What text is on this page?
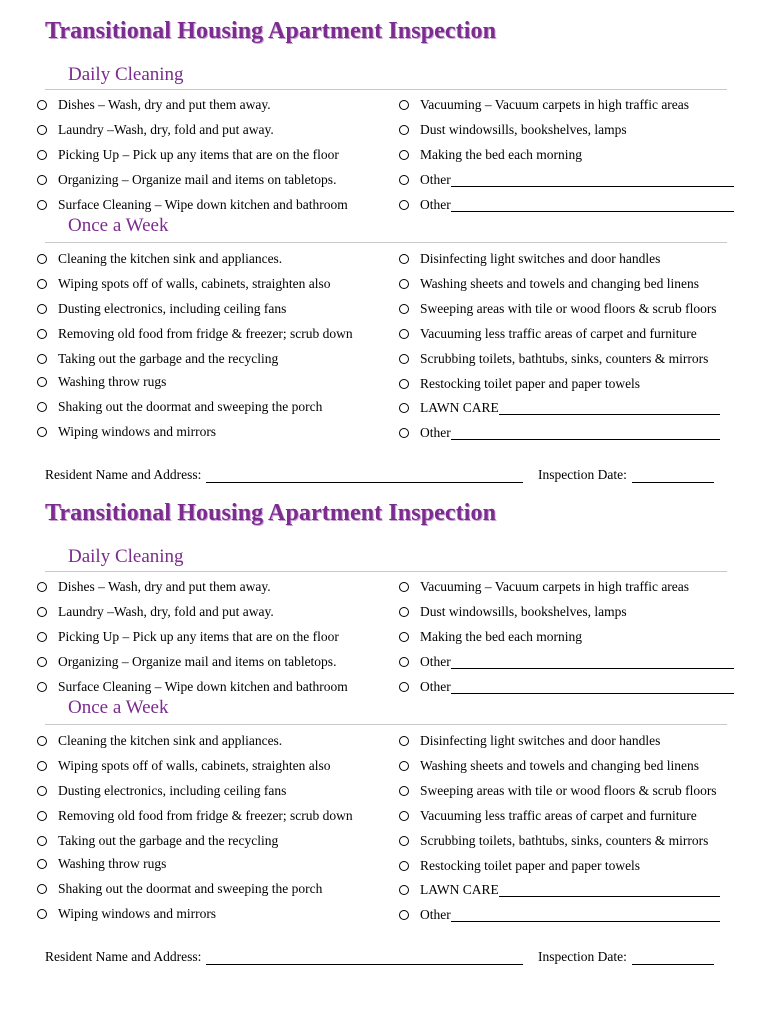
Transitional Housing Apartment Inspection
Daily Cleaning
Dishes – Wash, dry and put them away.
Laundry –Wash, dry, fold and put away.
Picking Up – Pick up any items that are on the floor
Organizing – Organize mail and items on tabletops.
Surface Cleaning – Wipe down kitchen and bathroom
Vacuuming – Vacuum carpets in high traffic areas
Dust windowsills, bookshelves, lamps
Making the bed each morning
Other
Other
Once a Week
Cleaning the kitchen sink and appliances.
Wiping spots off of walls, cabinets, straighten also
Dusting electronics, including ceiling fans
Removing old food from fridge & freezer; scrub down
Taking out the garbage and the recycling
Washing throw rugs
Shaking out the doormat and sweeping the porch
Wiping windows and mirrors
Disinfecting light switches and door handles
Washing sheets and towels and changing bed linens
Sweeping areas with tile or wood floors & scrub floors
Vacuuming less traffic areas of carpet and furniture
Scrubbing toilets, bathtubs, sinks, counters & mirrors
Restocking toilet paper and paper towels
LAWN CARE
Other
Resident Name and Address:	Inspection Date:
Transitional Housing Apartment Inspection
Daily Cleaning
Dishes – Wash, dry and put them away.
Laundry –Wash, dry, fold and put away.
Picking Up – Pick up any items that are on the floor
Organizing – Organize mail and items on tabletops.
Surface Cleaning – Wipe down kitchen and bathroom
Vacuuming – Vacuum carpets in high traffic areas
Dust windowsills, bookshelves, lamps
Making the bed each morning
Other
Other
Once a Week
Cleaning the kitchen sink and appliances.
Wiping spots off of walls, cabinets, straighten also
Dusting electronics, including ceiling fans
Removing old food from fridge & freezer; scrub down
Taking out the garbage and the recycling
Washing throw rugs
Shaking out the doormat and sweeping the porch
Wiping windows and mirrors
Disinfecting light switches and door handles
Washing sheets and towels and changing bed linens
Sweeping areas with tile or wood floors & scrub floors
Vacuuming less traffic areas of carpet and furniture
Scrubbing toilets, bathtubs, sinks, counters & mirrors
Restocking toilet paper and paper towels
LAWN CARE
Other
Resident Name and Address:	Inspection Date:
